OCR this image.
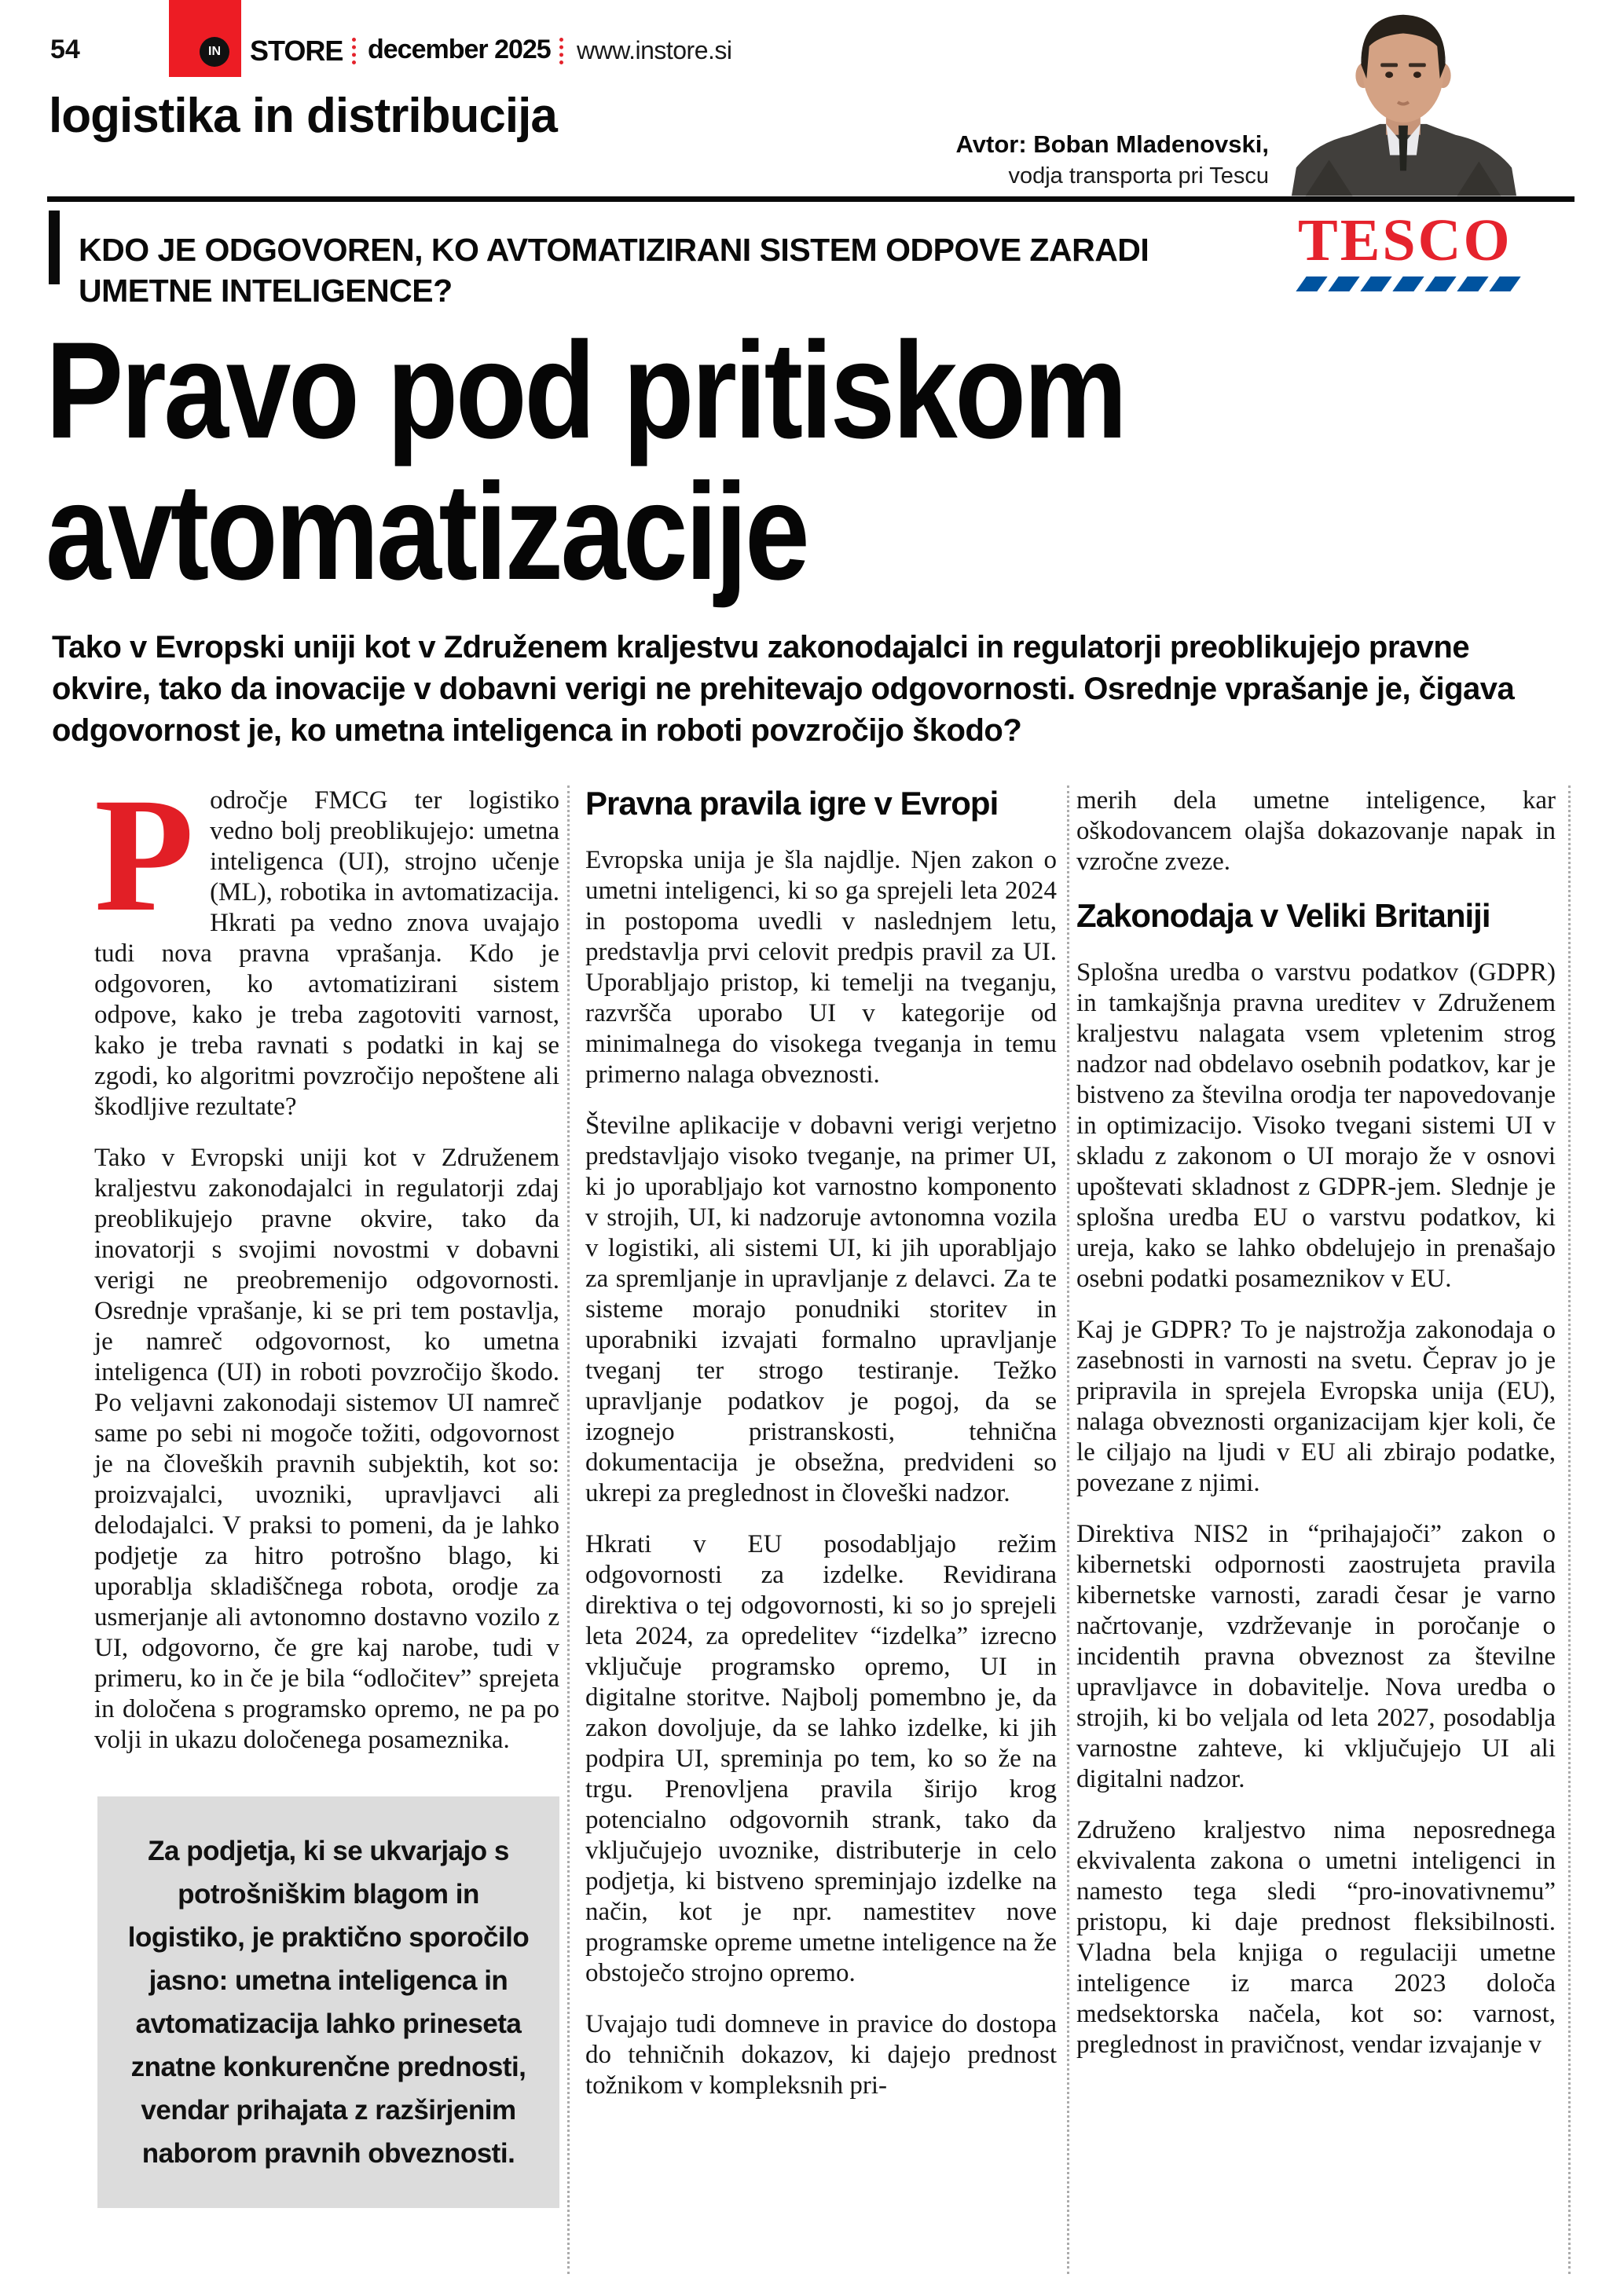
54	IN	STORE december 2025 www.instore.si
logistika in distribucija
Avtor: Boban Mladenovski,
vodja transporta pri Tescu
KDO JE ODGOVOREN, KO AVTOMATIZIRANI SISTEM ODPOVE ZARADI UMETNE INTELIGENCE?
TESCO
Pravo pod pritiskom
avtomatizacije
Tako v Evropski uniji kot v Združenem kraljestvu zakonodajalci in regulatorji preoblikujejo pravne okvire, tako da inovacije v dobavni verigi ne prehitevajo odgovornosti. Osrednje vprašanje je, čigava odgovornost je, ko umetna inteligenca in roboti povzročijo škodo?

Področje FMCG ter logistiko vedno bolj preoblikujejo: umetna inteligenca (UI), strojno učenje (ML), robotika in avtomatizacija. Hkrati pa vedno znova uvajajo tudi nova pravna vprašanja. Kdo je odgovoren, ko avtomatizirani sistem odpove, kako je treba zagotoviti varnost, kako je treba ravnati s podatki in kaj se zgodi, ko algoritmi povzročijo nepoštene ali škodljive rezultate?

Tako v Evropski uniji kot v Združenem kraljestvu zakonodajalci in regulatorji zdaj preoblikujejo pravne okvire, tako da inovatorji s svojimi novostmi v dobavni verigi ne preobremenijo odgovornosti. Osrednje vprašanje, ki se pri tem postavlja, je namreč odgovornost, ko umetna inteligenca (UI) in roboti povzročijo škodo. Po veljavni zakonodaji sistemov UI namreč same po sebi ni mogoče tožiti, odgovornost je na človeških pravnih subjektih, kot so: proizvajalci, uvozniki, upravljavci ali delodajalci. V praksi to pomeni, da je lahko podjetje za hitro potrošno blago, ki uporablja skladiščnega robota, orodje za usmerjanje ali avtonomno dostavno vozilo z UI, odgovorno, če gre kaj narobe, tudi v primeru, ko in če je bila “odločitev” sprejeta in določena s programsko opremo, ne pa po volji in ukazu določenega posameznika.

Za podjetja, ki se ukvarjajo s potrošniškim blagom in logistiko, je praktično sporočilo jasno: umetna inteligenca in avtomatizacija lahko prineseta znatne konkurenčne prednosti, vendar prihajata z razširjenim naborom pravnih obveznosti.
Pravna pravila igre v Evropi

Evropska unija je šla najdlje. Njen zakon o umetni inteligenci, ki so ga sprejeli leta 2024 in postopoma uvedli v naslednjem letu, predstavlja prvi celovit predpis pravil za UI. Uporabljajo pristop, ki temelji na tveganju, razvršča uporabo UI v kategorije od minimalnega do visokega tveganja in temu primerno nalaga obveznosti.

Številne aplikacije v dobavni verigi verjetno predstavljajo visoko tveganje, na primer UI, ki jo uporabljajo kot varnostno komponento v strojih, UI, ki nadzoruje avtonomna vozila v logistiki, ali sistemi UI, ki jih uporabljajo za spremljanje in upravljanje z delavci. Za te sisteme morajo ponudniki storitev in uporabniki izvajati formalno upravljanje tveganj ter strogo testiranje. Težko upravljanje podatkov je pogoj, da se izognejo pristranskosti, tehnična dokumentacija je obsežna, predvideni so ukrepi za preglednost in človeški nadzor.

Hkrati v EU posodabljajo režim odgovornosti za izdelke. Revidirana direktiva o tej odgovornosti, ki so jo sprejeli leta 2024, za opredelitev “izdelka” izrecno vključuje programsko opremo, UI in digitalne storitve. Najbolj pomembno je, da zakon dovoljuje, da se lahko izdelke, ki jih podpira UI, spreminja po tem, ko so že na trgu. Prenovljena pravila širijo krog potencialno odgovornih strank, tako da vključujejo uvoznike, distributerje in celo podjetja, ki bistveno spreminjajo izdelke na način, kot je npr. namestitev nove programske opreme umetne inteligence na že obstoječo strojno opremo.

Uvajajo tudi domneve in pravice do dostopa do tehničnih dokazov, ki dajejo prednost tožnikom v kompleksnih pri-

merih dela umetne inteligence, kar oškodovancem olajša dokazovanje napak in vzročne zveze.

Zakonodaja v Veliki Britaniji

Splošna uredba o varstvu podatkov (GDPR) in tamkajšnja pravna ureditev v Združenem kraljestvu nalagata vsem vpletenim strog nadzor nad obdelavo osebnih podatkov, kar je bistveno za številna orodja ter napovedovanje in optimizacijo. Visoko tvegani sistemi UI v skladu z zakonom o UI morajo že v osnovi upoštevati skladnost z GDPR-jem. Slednje je splošna uredba EU o varstvu podatkov, ki ureja, kako se lahko obdelujejo in prenašajo osebni podatki posameznikov v EU.

Kaj je GDPR? To je najstrožja zakonodaja o zasebnosti in varnosti na svetu. Čeprav jo je pripravila in sprejela Evropska unija (EU), nalaga obveznosti organizacijam kjer koli, če le ciljajo na ljudi v EU ali zbirajo podatke, povezane z njimi.

Direktiva NIS2 in “prihajajoči” zakon o kibernetski odpornosti zaostrujeta pravila kibernetske varnosti, zaradi česar je varno načrtovanje, vzdrževanje in poročanje o incidentih pravna obveznost za številne upravljavce in dobavitelje. Nova uredba o strojih, ki bo veljala od leta 2027, posodablja varnostne zahteve, ki vključujejo UI ali digitalni nadzor.

Združeno kraljestvo nima neposrednega ekvivalenta zakona o umetni inteligenci in namesto tega sledi “pro-inovativnemu” pristopu, ki daje prednost fleksibilnosti. Vladna bela knjiga o regulaciji umetne inteligence iz marca 2023 določa medsektorska načela, kot so: varnost, preglednost in pravičnost, vendar izvajanje v
